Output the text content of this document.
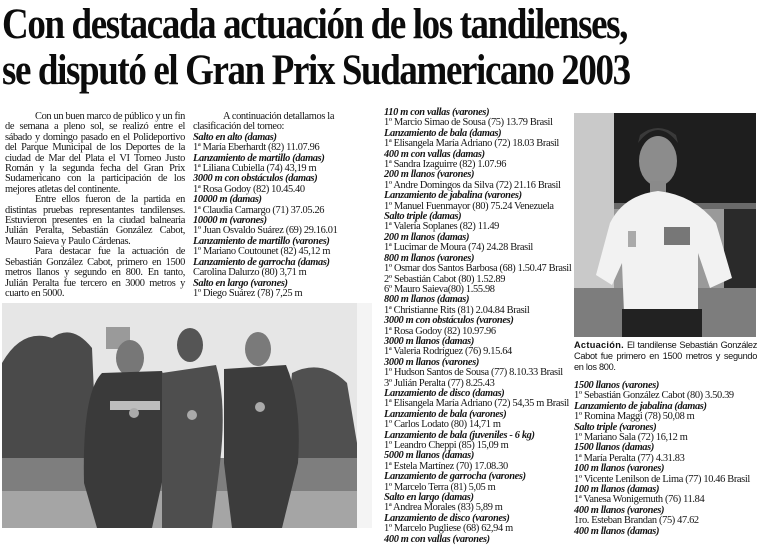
Con destacada actuación de los tandilenses,
se disputó el Gran Prix Sudamericano 2003

Con un buen marco de público y un fin de semana a pleno sol, se realizó entre el sábado y domingo pasado en el Polideportivo del Parque Municipal de los Deportes de la ciudad de Mar del Plata el VI Torneo Justo Román y la segunda fecha del Gran Prix Sudamericano con la participación de los mejores atletas del continente.

Entre ellos fueron de la partida en distintas pruebas representantes tandilenses. Estuvieron presentes en la ciudad balnearia Julián Peralta, Sebastián González Cabot, Mauro Saieva y Paulo Cárdenas.

Para destacar fue la actuación de Sebastián González Cabot, primero en 1500 metros llanos y segundo en 800. En tanto, Julián Peralta fue tercero en 3000 metros y cuarto en 5000.

A continuación detallamos la clasificación del torneo:

Salto en alto (damas)
1ª María Eberhardt (82) 11.07.96
Lanzamiento de martillo (damas)
1ª Liliana Cubiella (74) 43,19 m
3000 m con obstáculos (damas)
1ª Rosa Godoy (82) 10.45.40
10000 m (damas)
1ª Claudia Camargo (71) 37.05.26
10000 m (varones)
1º Juan Osvaldo Suárez (69) 29.16.01
Lanzamiento de martillo (varones)
1º Mariano Coutounet (82) 45,12 m
Lanzamiento de garrocha (damas)
Carolina Dalurzo (80) 3,71 m
Salto en largo (varones)
1º Diego Suárez (78) 7,25 m
110 m con vallas (varones)
1º Marcio Simao de Sousa (75) 13.79 Brasil
Lanzamiento de bala (damas)
1ª Elisangela María Adriano (72) 18.03 Brasil
400 m con vallas (damas)
1ª Sandra Izaguirre (82) 1.07.96
200 m llanos (varones)
1º Andre Domingos da Silva (72) 21.16 Brasil
Lanzamiento de jabalina (varones)
1º Manuel Fuenmayor (80) 75.24 Venezuela
Salto triple (damas)
1ª Valeria Soplanes (82) 11.49
200 m llanos (damas)
1ª Lucimar de Moura (74) 24.28 Brasil
800 m llanos (varones)
1º Osmar dos Santos Barbosa (68) 1.50.47 Brasil
2º Sebastián Cabot (80) 1.52.89
6º Mauro Saieva(80) 1.55.98
800 m llanos (damas)
1ª Christianne Rits (81) 2.04.84 Brasil
3000 m con obstáculos (varones)
1ª Rosa Godoy (82) 10.97.96
3000 m llanos (damas)
1ª Valeria Rodríguez (76) 9.15.64
3000 m llanos (varones)
1º Hudson Santos de Sousa (77) 8.10.33 Brasil
3º Julián Peralta (77) 8.25.43
Lanzamiento de disco (damas)
1ª Elisangela María Adriano (72) 54,35 m Brasil
Lanzamiento de bala (varones)
1º Carlos Lodato (80) 14,71 m
Lanzamiento de bala (juveniles - 6 kg)
1º Leandro Cheppi (85) 15,09 m
5000 m llanos (damas)
1ª Estela Martínez (70) 17.08.30
Lanzamiento de garrocha (varones)
1º Marcelo Terra (81) 5,05 m
Salto en largo (damas)
1ª Andrea Morales (83) 5,89 m
Lanzamiento de disco (varones)
1º Marcelo Pugliese (68) 62,94 m
400 m con vallas (varones)
Actuación. El tandilense Sebastián González Cabot fue primero en 1500 metros y segundo en los 800.
1500 llanos (varones)
1º Sebastián González Cabot (80) 3.50.39
Lanzamiento de jabalina (damas)
1º Romina Maggi (78) 50,08 m
Salto triple (varones)
1º Mariano Sala (72) 16,12 m
1500 llanos (damas)
1ª María Peralta (77) 4.31.83
100 m llanos (varones)
1º Vicente Lenilson de Lima (77) 10.46 Brasil
100 m llanos (damas)
1ª Vanesa Wonigemuth (76) 11.84
400 m llanos (varones)
1ro. Esteban Brandan (75) 47.62
400 m llanos (damas)
